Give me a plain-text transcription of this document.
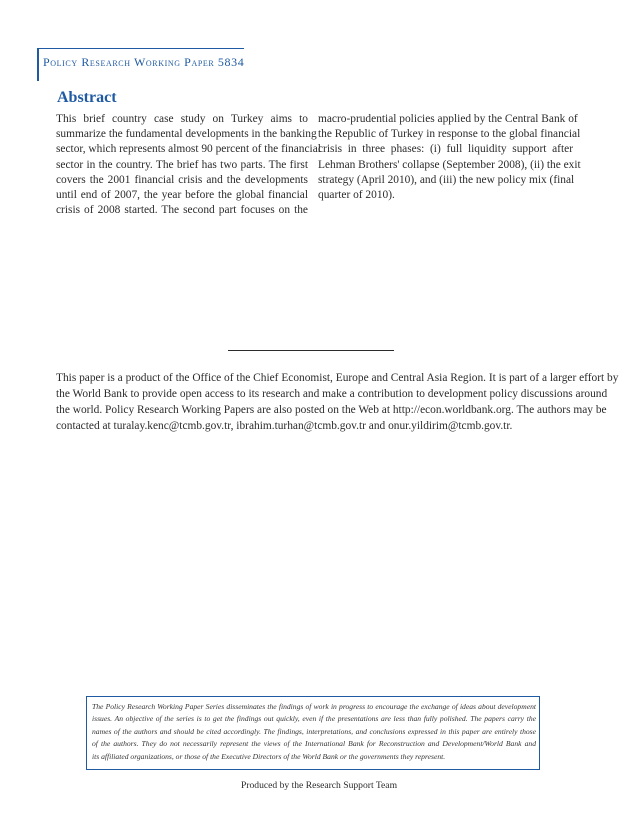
Policy Research Working Paper 5834
Abstract
This brief country case study on Turkey aims to
summarize the fundamental developments in the banking
sector, which represents almost 90 percent of the financial
sector in the country. The brief has two parts. The first
covers the 2001 financial crisis and the developments
until end of 2007, the year before the global financial
crisis of 2008 started. The second part focuses on the
macro-prudential policies applied by the Central Bank of
the Republic of Turkey in response to the global financial
crisis in three phases: (i) full liquidity support after
Lehman Brothers' collapse (September 2008), (ii) the exit
strategy (April 2010), and (iii) the new policy mix (final
quarter of 2010).
This paper is a product of the Office of the Chief Economist, Europe and Central Asia Region. It is part of a larger effort by
the World Bank to provide open access to its research and make a contribution to development policy discussions around
the world. Policy Research Working Papers are also posted on the Web at http://econ.worldbank.org. The authors may be
contacted at turalay.kenc@tcmb.gov.tr, ibrahim.turhan@tcmb.gov.tr and onur.yildirim@tcmb.gov.tr.
The Policy Research Working Paper Series disseminates the findings of work in progress to encourage the exchange of ideas about development
issues. An objective of the series is to get the findings out quickly, even if the presentations are less than fully polished. The papers carry the
names of the authors and should be cited accordingly. The findings, interpretations, and conclusions expressed in this paper are entirely those
of the authors. They do not necessarily represent the views of the International Bank for Reconstruction and Development/World Bank and
its affiliated organizations, or those of the Executive Directors of the World Bank or the governments they represent.
Produced by the Research Support Team
